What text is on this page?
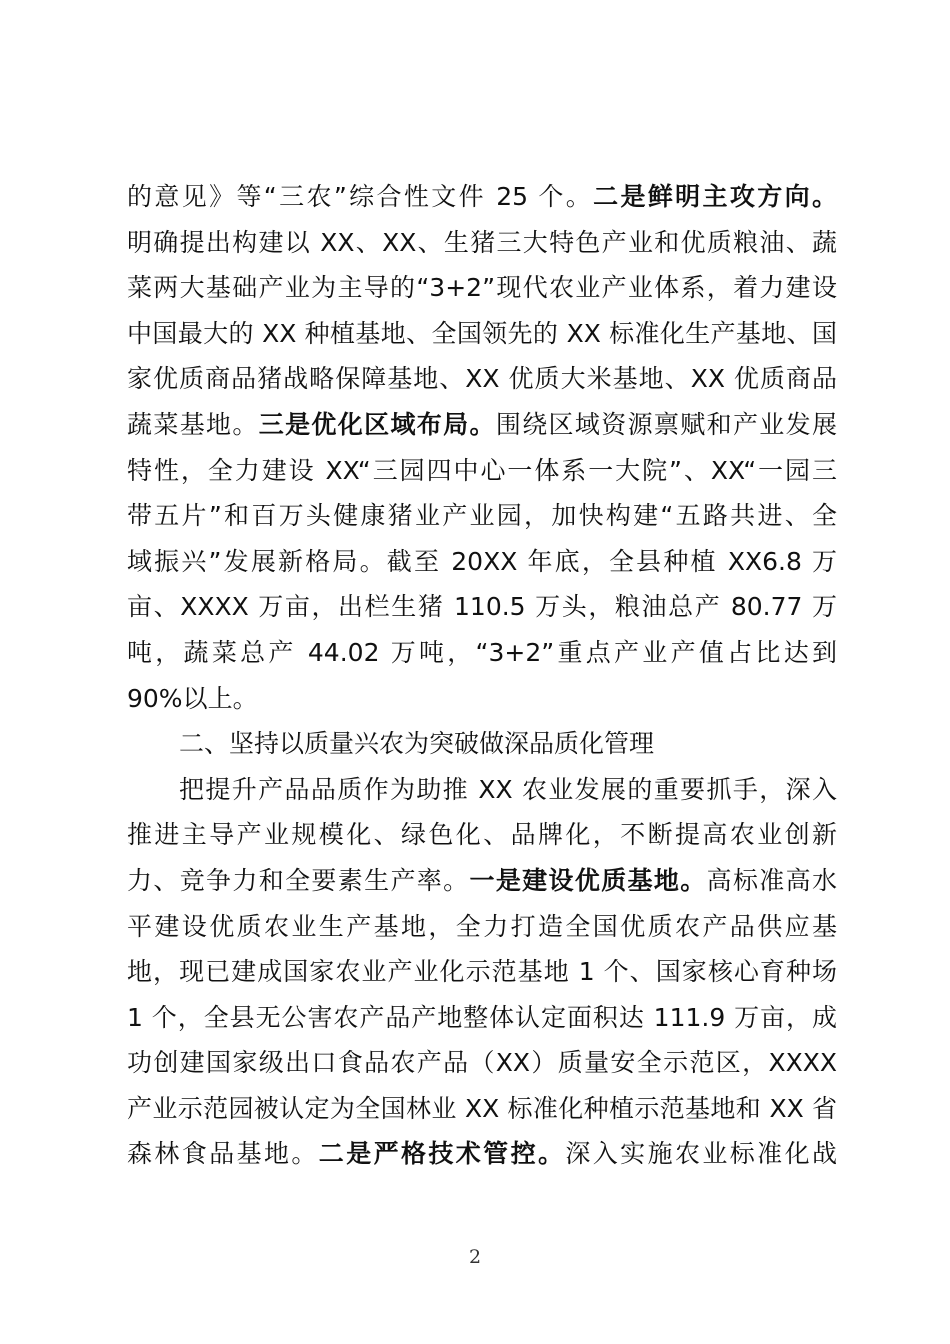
的意见》等“三农”综合性文件 25 个。二是鲜明主攻方向。
明确提出构建以 XX、XX、生猪三大特色产业和优质粮油、蔬
菜两大基础产业为主导的“3+2”现代农业产业体系，着力建设
中国最大的 XX 种植基地、全国领先的 XX 标准化生产基地、国
家优质商品猪战略保障基地、XX 优质大米基地、XX 优质商品
蔬菜基地。三是优化区域布局。围绕区域资源禀赋和产业发展
特性，全力建设 XX“三园四中心一体系一大院”、XX“一园三
带五片”和百万头健康猪业产业园，加快构建“五路共进、全
域振兴”发展新格局。截至 20XX 年底，全县种植 XX6.8 万
亩、XXXX 万亩，出栏生猪 110.5 万头，粮油总产 80.77 万
吨，蔬菜总产 44.02 万吨，“3+2”重点产业产值占比达到
90%以上。
二、坚持以质量兴农为突破做深品质化管理
把提升产品品质作为助推 XX 农业发展的重要抓手，深入
推进主导产业规模化、绿色化、品牌化，不断提高农业创新
力、竞争力和全要素生产率。一是建设优质基地。高标准高水
平建设优质农业生产基地，全力打造全国优质农产品供应基
地，现已建成国家农业产业化示范基地 1 个、国家核心育种场
1 个，全县无公害农产品产地整体认定面积达 111.9 万亩，成
功创建国家级出口食品农产品（XX）质量安全示范区，XXXX
产业示范园被认定为全国林业 XX 标准化种植示范基地和 XX 省
森林食品基地。二是严格技术管控。深入实施农业标准化战
2
